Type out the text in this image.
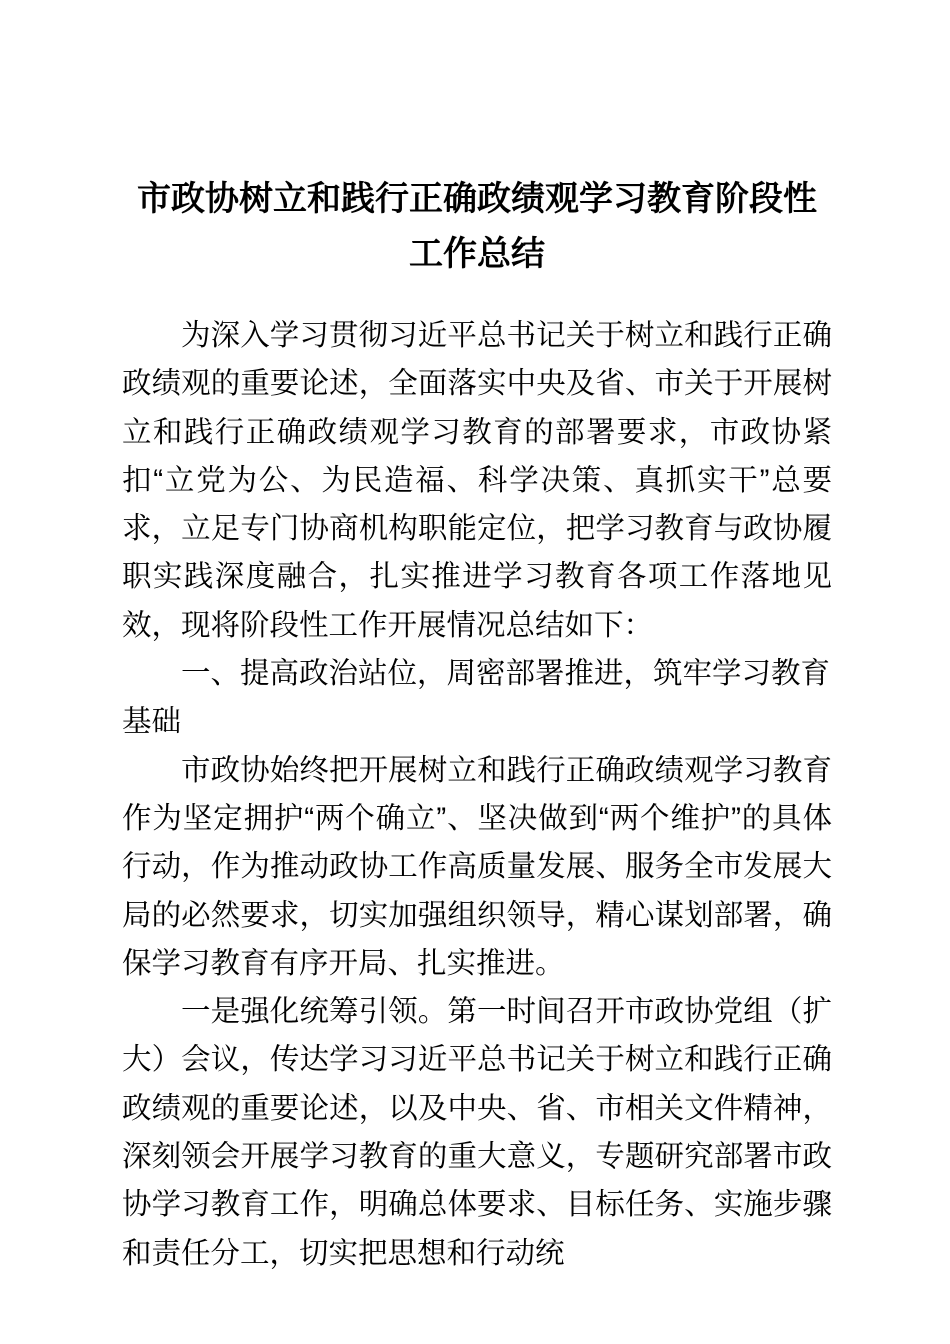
市政协树立和践行正确政绩观学习教育阶段性工作总结

为深入学习贯彻习近平总书记关于树立和践行正确政绩观的重要论述，全面落实中央及省、市关于开展树立和践行正确政绩观学习教育的部署要求，市政协紧扣“立党为公、为民造福、科学决策、真抓实干”总要求，立足专门协商机构职能定位，把学习教育与政协履职实践深度融合，扎实推进学习教育各项工作落地见效，现将阶段性工作开展情况总结如下：

一、提高政治站位，周密部署推进，筑牢学习教育基础

市政协始终把开展树立和践行正确政绩观学习教育作为坚定拥护“两个确立”、坚决做到“两个维护”的具体行动，作为推动政协工作高质量发展、服务全市发展大局的必然要求，切实加强组织领导，精心谋划部署，确保学习教育有序开局、扎实推进。

一是强化统筹引领。第一时间召开市政协党组（扩大）会议，传达学习习近平总书记关于树立和践行正确政绩观的重要论述，以及中央、省、市相关文件精神，深刻领会开展学习教育的重大意义，专题研究部署市政协学习教育工作，明确总体要求、目标任务、实施步骤和责任分工，切实把思想和行动统
